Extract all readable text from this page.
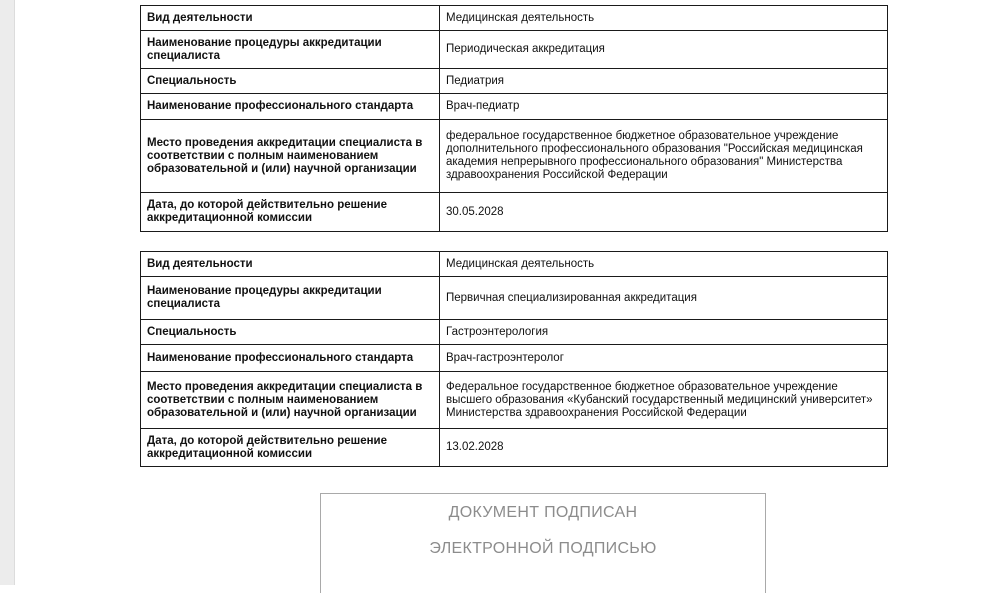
Вид деятельности	Медицинская деятельность
Наименование процедуры аккредитации специалиста	Периодическая аккредитация
Специальность	Педиатрия
Наименование профессионального стандарта	Врач-педиатр
Место проведения аккредитации специалиста в соответствии с полным наименованием образовательной и (или) научной организации	федеральное государственное бюджетное образовательное учреждение дополнительного профессионального образования "Российская медицинская академия непрерывного профессионального образования" Министерства здравоохранения Российской Федерации
Дата, до которой действительно решение аккредитационной комиссии	30.05.2028
Вид деятельности	Медицинская деятельность
Наименование процедуры аккредитации специалиста	Первичная специализированная аккредитация
Специальность	Гастроэнтерология
Наименование профессионального стандарта	Врач-гастроэнтеролог
Место проведения аккредитации специалиста в соответствии с полным наименованием образовательной и (или) научной организации	Федеральное государственное бюджетное образовательное учреждение высшего образования «Кубанский государственный медицинский университет» Министерства здравоохранения Российской Федерации
Дата, до которой действительно решение аккредитационной комиссии	13.02.2028
ДОКУМЕНТ ПОДПИСАН
ЭЛЕКТРОННОЙ ПОДПИСЬЮ
